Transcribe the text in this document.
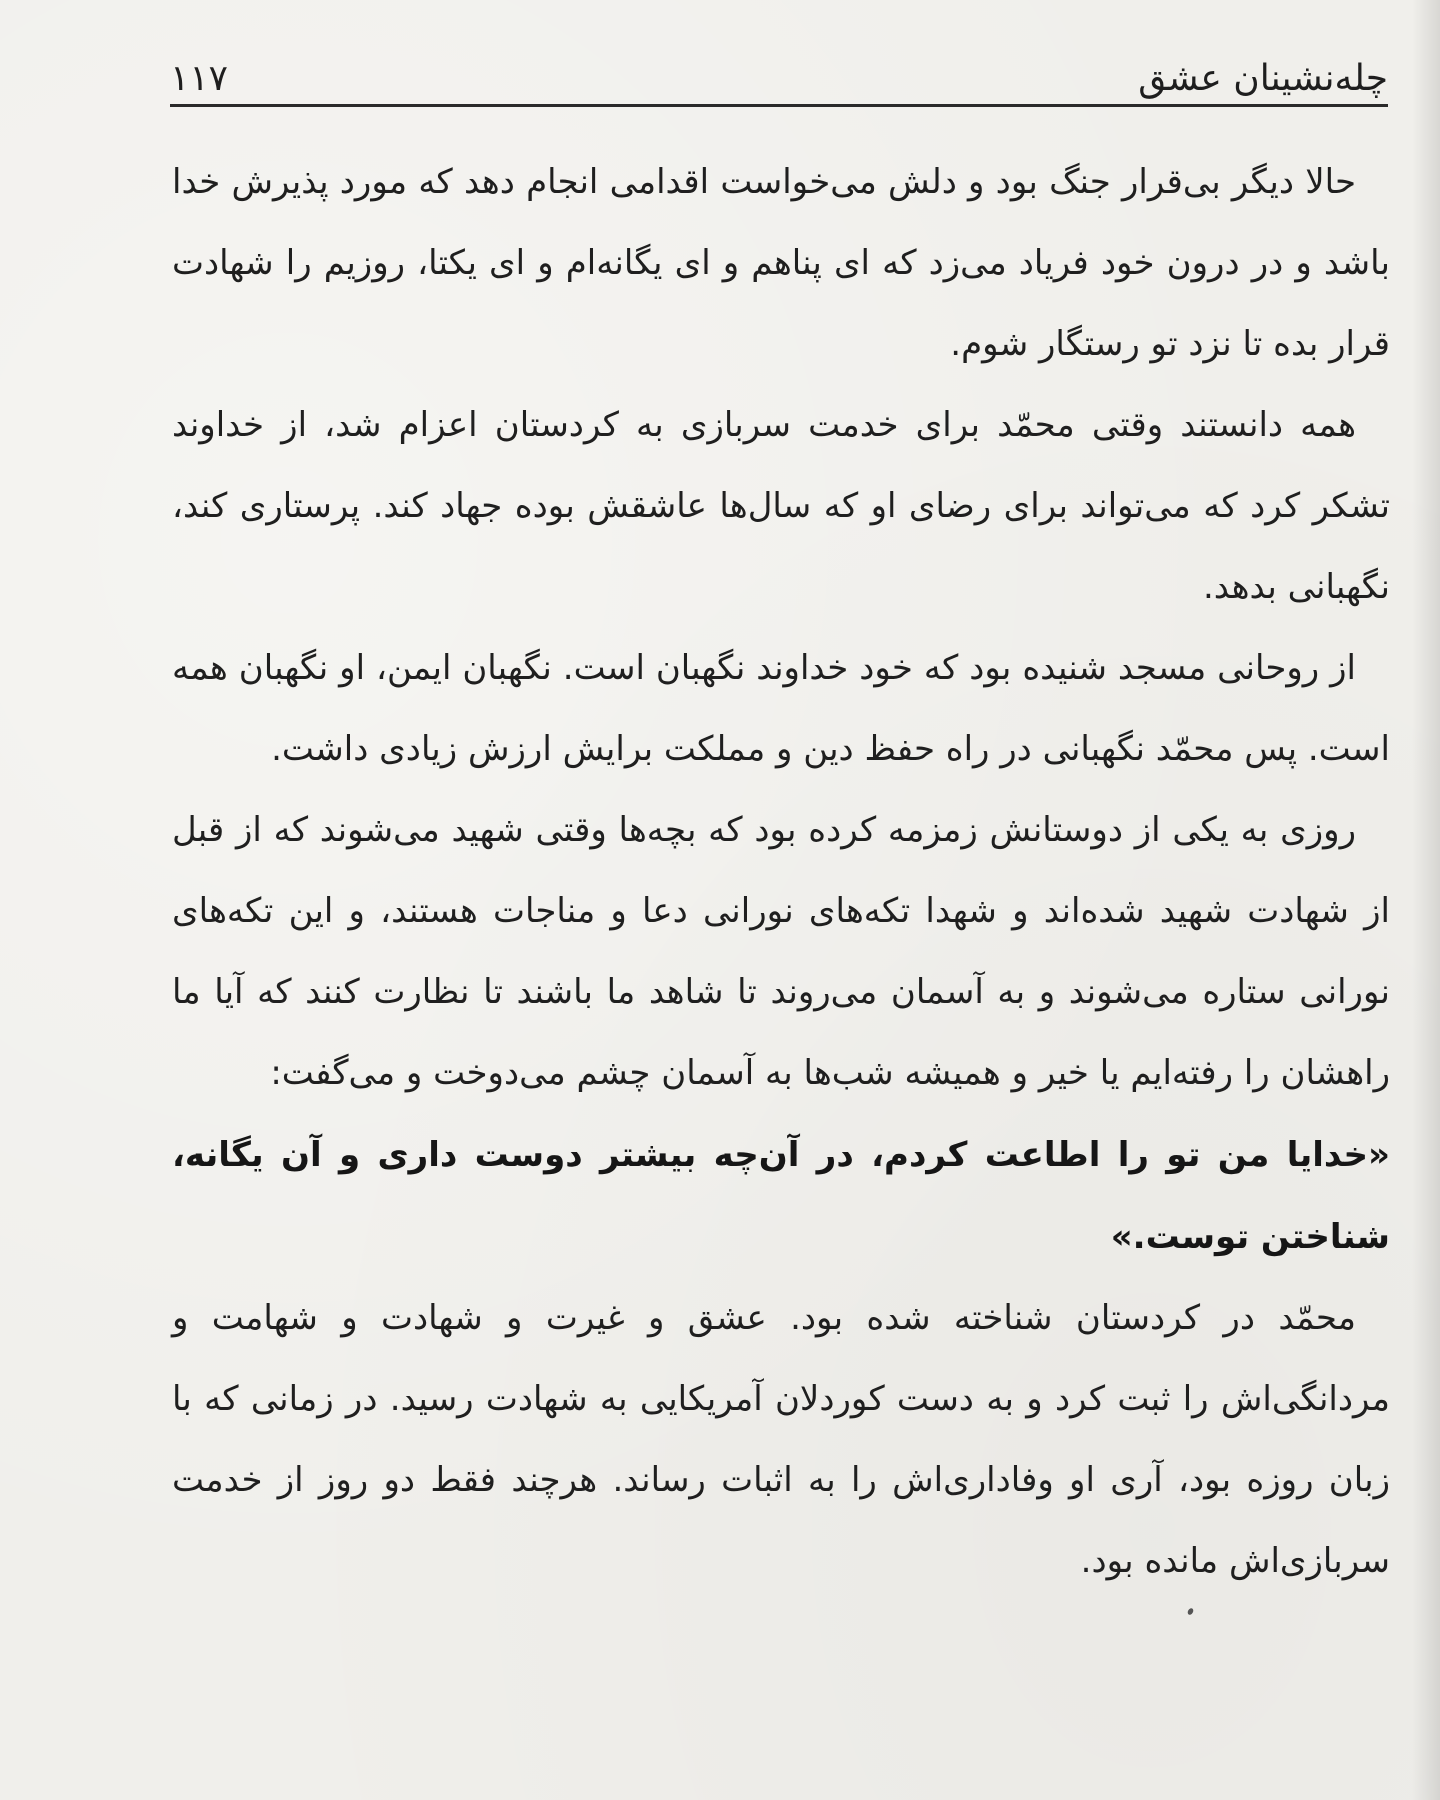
چله‌نشینان عشق
۱۱۷

حالا دیگر بی‌قرار جنگ بود و دلش می‌خواست اقدامی انجام دهد که مورد پذیرش خدا باشد و در درون خود فریاد می‌زد که ای پناهم و ای یگانه‌ام و ای یکتا، روزیم را شهادت قرار بده تا نزد تو رستگار شوم.

همه دانستند وقتی محمّد برای خدمت سربازی به کردستان اعزام شد، از خداوند تشکر کرد که می‌تواند برای رضای او که سال‌ها عاشقش بوده جهاد کند. پرستاری کند، نگهبانی بدهد.

از روحانی مسجد شنیده بود که خود خداوند نگهبان است. نگهبان ایمن، او نگهبان همه است. پس محمّد نگهبانی در راه حفظ دین و مملکت برایش ارزش زیادی داشت.

روزی به یکی از دوستانش زمزمه کرده بود که بچه‌ها وقتی شهید می‌شوند که از قبل از شهادت شهید شده‌اند و شهدا تکه‌های نورانی دعا و مناجات هستند، و این تکه‌های نورانی ستاره می‌شوند و به آسمان می‌روند تا شاهد ما باشند تا نظارت کنند که آیا ما راهشان را رفته‌ایم یا خیر و همیشه شب‌ها به آسمان چشم می‌دوخت و می‌گفت:

«خدایا من تو را اطاعت کردم، در آن‌چه بیشتر دوست داری و آن یگانه، شناختن توست.»

محمّد در کردستان شناخته شده بود. عشق و غیرت و شهادت و شهامت و مردانگی‌اش را ثبت کرد و به دست کوردلان آمریکایی به شهادت رسید. در زمانی که با زبان روزه بود، آری او وفاداری‌اش را به اثبات رساند. هرچند فقط دو روز از خدمت سربازی‌اش مانده بود.
